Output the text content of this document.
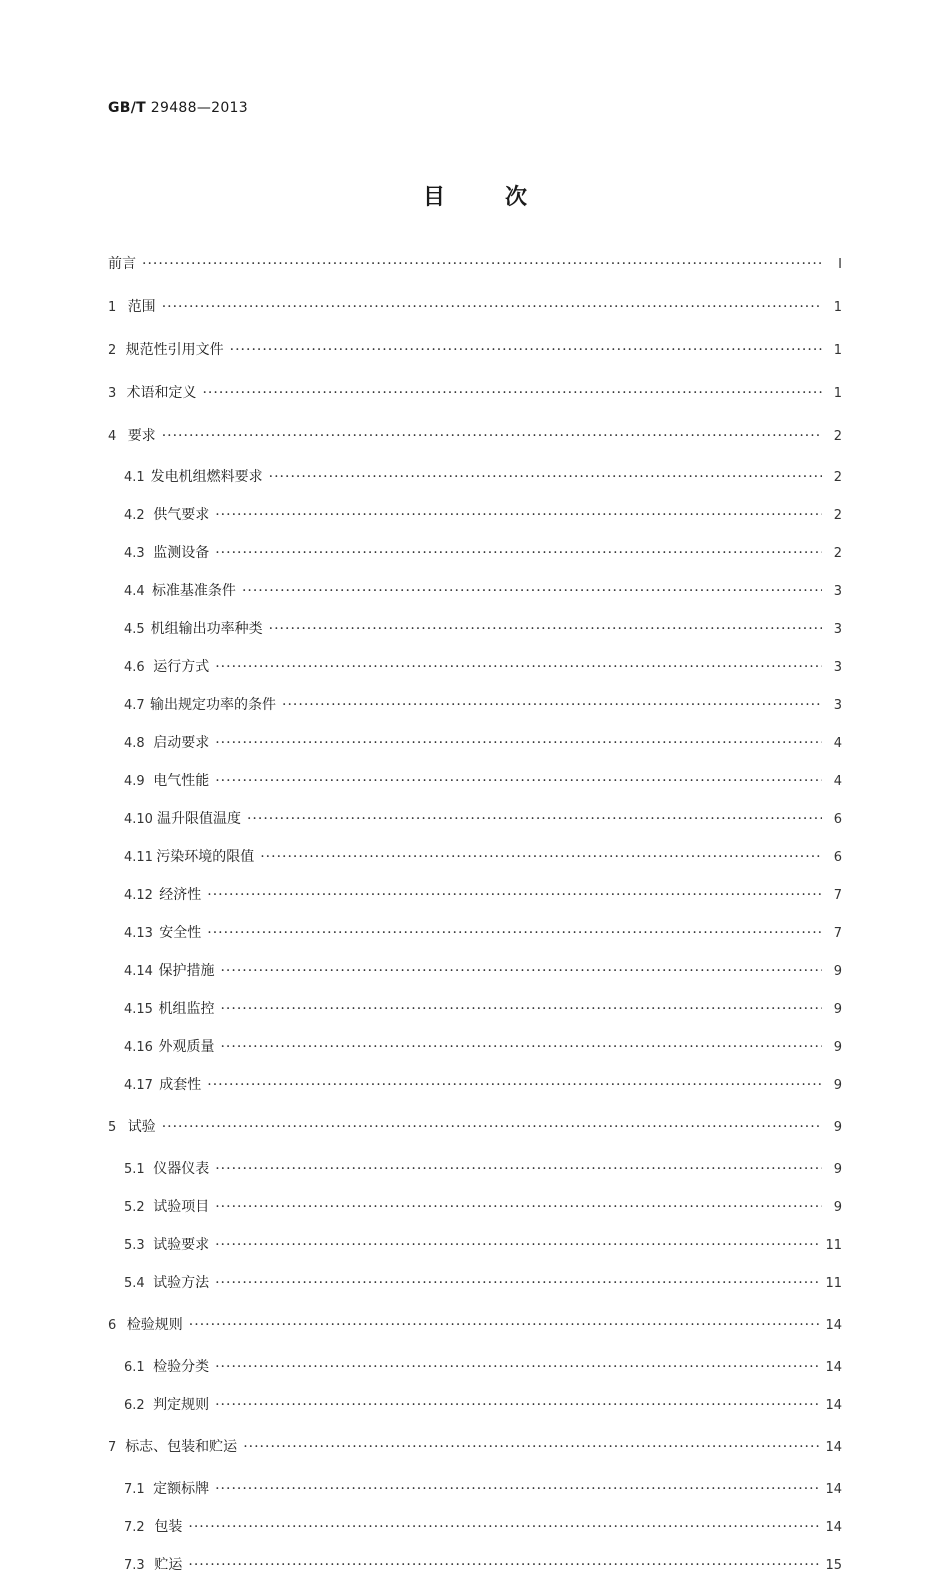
GB/T 29488—2013
目	次
前言 ·····	Ⅰ
1 范围 ·····	1
2 规范性引用文件 ·····	1
3 术语和定义 ·····	1
4 要求 ·····	2
4.1 发电机组燃料要求 ·····	2
4.2 供气要求 ·····	2
4.3 监测设备 ·····	2
4.4 标准基准条件 ·····	3
4.5 机组输出功率种类 ·····	3
4.6 运行方式 ·····	3
4.7 输出规定功率的条件 ·····	3
4.8 启动要求 ·····	4
4.9 电气性能 ·····	4
4.10 温升限值温度 ·····	6
4.11 污染环境的限值 ·····	6
4.12 经济性 ·····	7
4.13 安全性 ·····	7
4.14 保护措施 ·····	9
4.15 机组监控 ·····	9
4.16 外观质量 ·····	9
4.17 成套性 ·····	9
5 试验 ·····	9
5.1 仪器仪表 ·····	9
5.2 试验项目 ·····	9
5.3 试验要求 ·····	11
5.4 试验方法 ·····	11
6 检验规则 ·····	14
6.1 检验分类 ·····	14
6.2 判定规则 ·····	14
7 标志、包装和贮运 ·····	14
7.1 定额标牌 ·····	14
7.2 包装 ·····	14
7.3 贮运 ·····	15
